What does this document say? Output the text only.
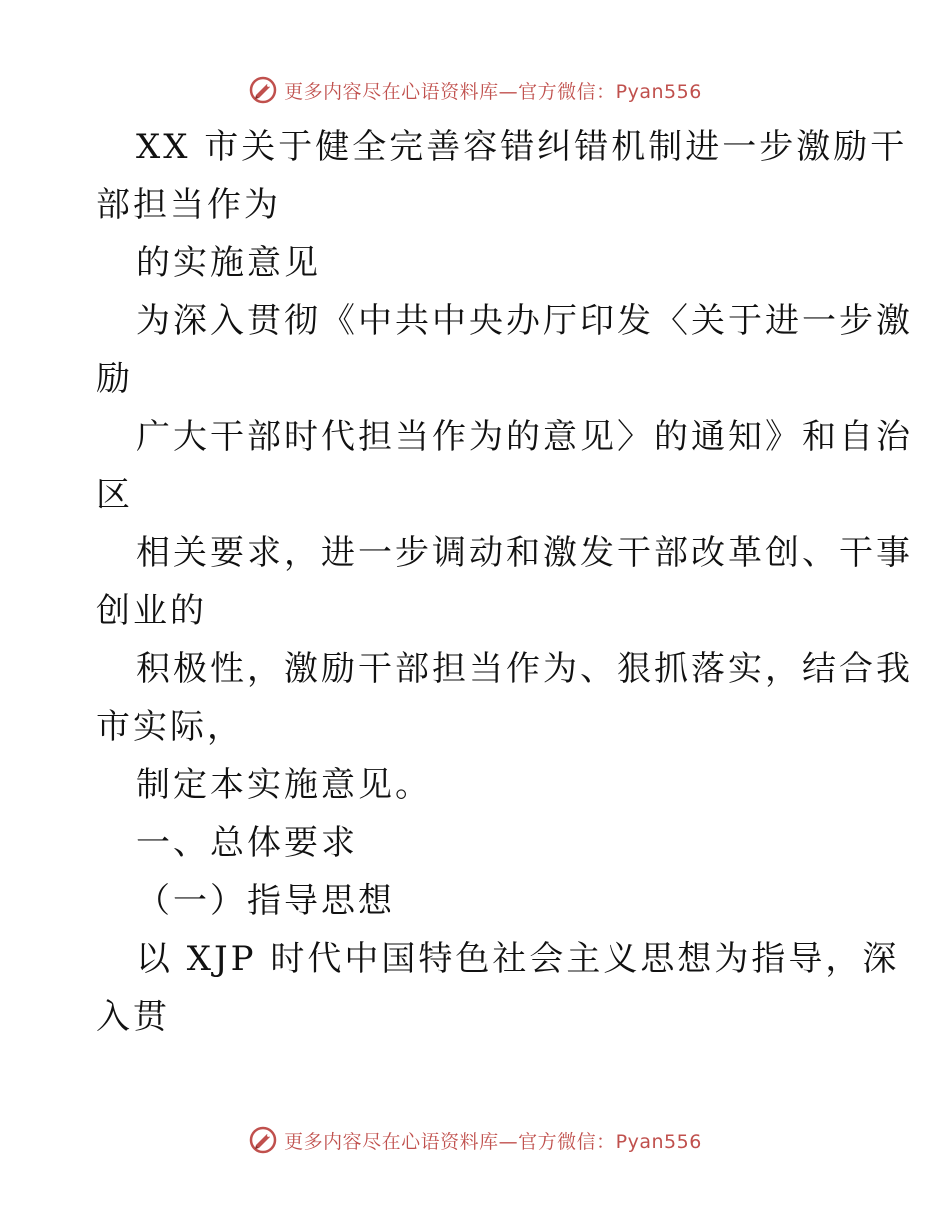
更多内容尽在心语资料库—官方微信：Pyan556
XX 市关于健全完善容错纠错机制进一步激励干
部担当作为
的实施意见
为深入贯彻《中共中央办厅印发〈关于进一步激
励
广大干部时代担当作为的意见〉的通知》和自治
区
相关要求，进一步调动和激发干部改革创、干事
创业的
积极性，激励干部担当作为、狠抓落实，结合我
市实际，
制定本实施意见。
一、总体要求
（一）指导思想
以 XJP 时代中国特色社会主义思想为指导，深
入贯
更多内容尽在心语资料库—官方微信：Pyan556
